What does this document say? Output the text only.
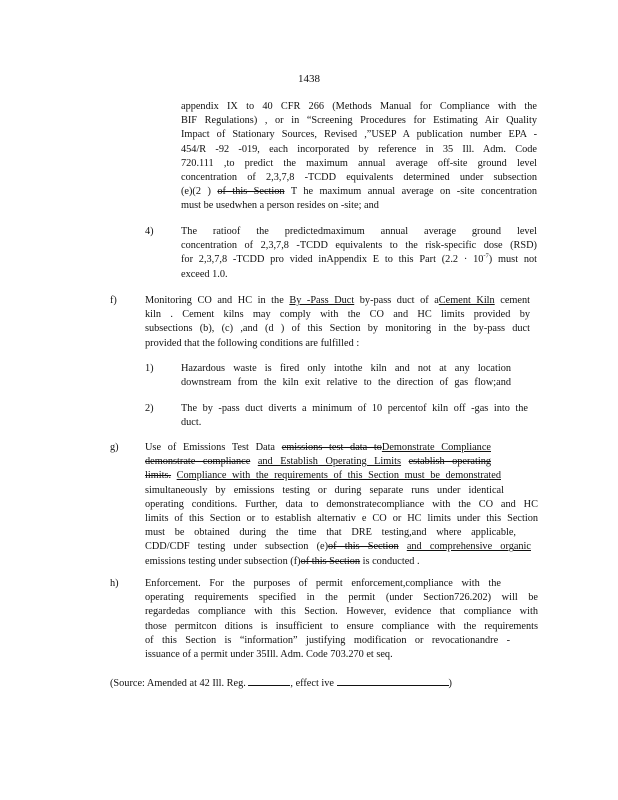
1438
appendix IX to 40 CFR 266 (Methods Manual for Compliance with the
BIF Regulations) , or in “Screening Procedures for Estimating Air Quality
Impact of Stationary Sources, Revised ,”USEP A publication number EPA -
454/R -92 -019, each incorporated by reference in 35 Ill. Adm. Code
720.111 ,to predict the maximum annual average off-site ground level
concentration of 2,3,7,8 -TCDD equivalents determined under subsection
(e)(2 ) of this Section T he maximum annual average on -site concentration
must be usedwhen a person resides on -site; and
4)	The ratioof the predictedmaximum annual average ground level
concentration of 2,3,7,8 -TCDD equivalents to the risk-specific dose (RSD)
for 2,3,7,8 -TCDD pro vided inAppendix E to this Part $(2.2 \cdot 10^{-7})$ must not
exceed 1.0.
f)	Monitoring CO and HC in the By -Pass Duct by-pass duct of aCement Kiln cement
kiln . Cement kilns may comply with the CO and HC limits provided by
subsections (b), (c) ,and (d ) of this Section by monitoring in the by-pass duct
provided that the following conditions are fulfilled :
1)	Hazardous waste is fired only intothe kiln and not at any location
downstream from the kiln exit relative to the direction of gas flow;and
2)	The by -pass duct diverts a minimum of 10 percentof kiln off -gas into the
duct.
g)	Use of Emissions Test Data emissions test data toDemonstrate Compliance
demonstrate compliance and Establish Operating Limits establish operating
limits. Compliance with the requirements of this Section must be demonstrated
simultaneously by emissions testing or during separate runs under identical
operating conditions. Further, data to demonstratecompliance with the CO and HC
limits of this Section or to establish alternativ e CO or HC limits under this Section
must be obtained during the time that DRE testing,and where applicable,
CDD/CDF testing under subsection (e)of this Section and comprehensive organic
emissions testing under subsection (f)of this Section is conducted .
h)	Enforcement. For the purposes of permit enforcement,compliance with the
operating requirements specified in the permit (under Section726.202) will be
regardedas compliance with this Section. However, evidence that compliance with
those permitcon ditions is insufficient to ensure compliance with the requirements
of this Section is “information” justifying modification or revocationandre -
issuance of a permit under 35Ill. Adm. Code 703.270 et seq.
(Source: Amended at 42 Ill. Reg.	, effect ive	)
